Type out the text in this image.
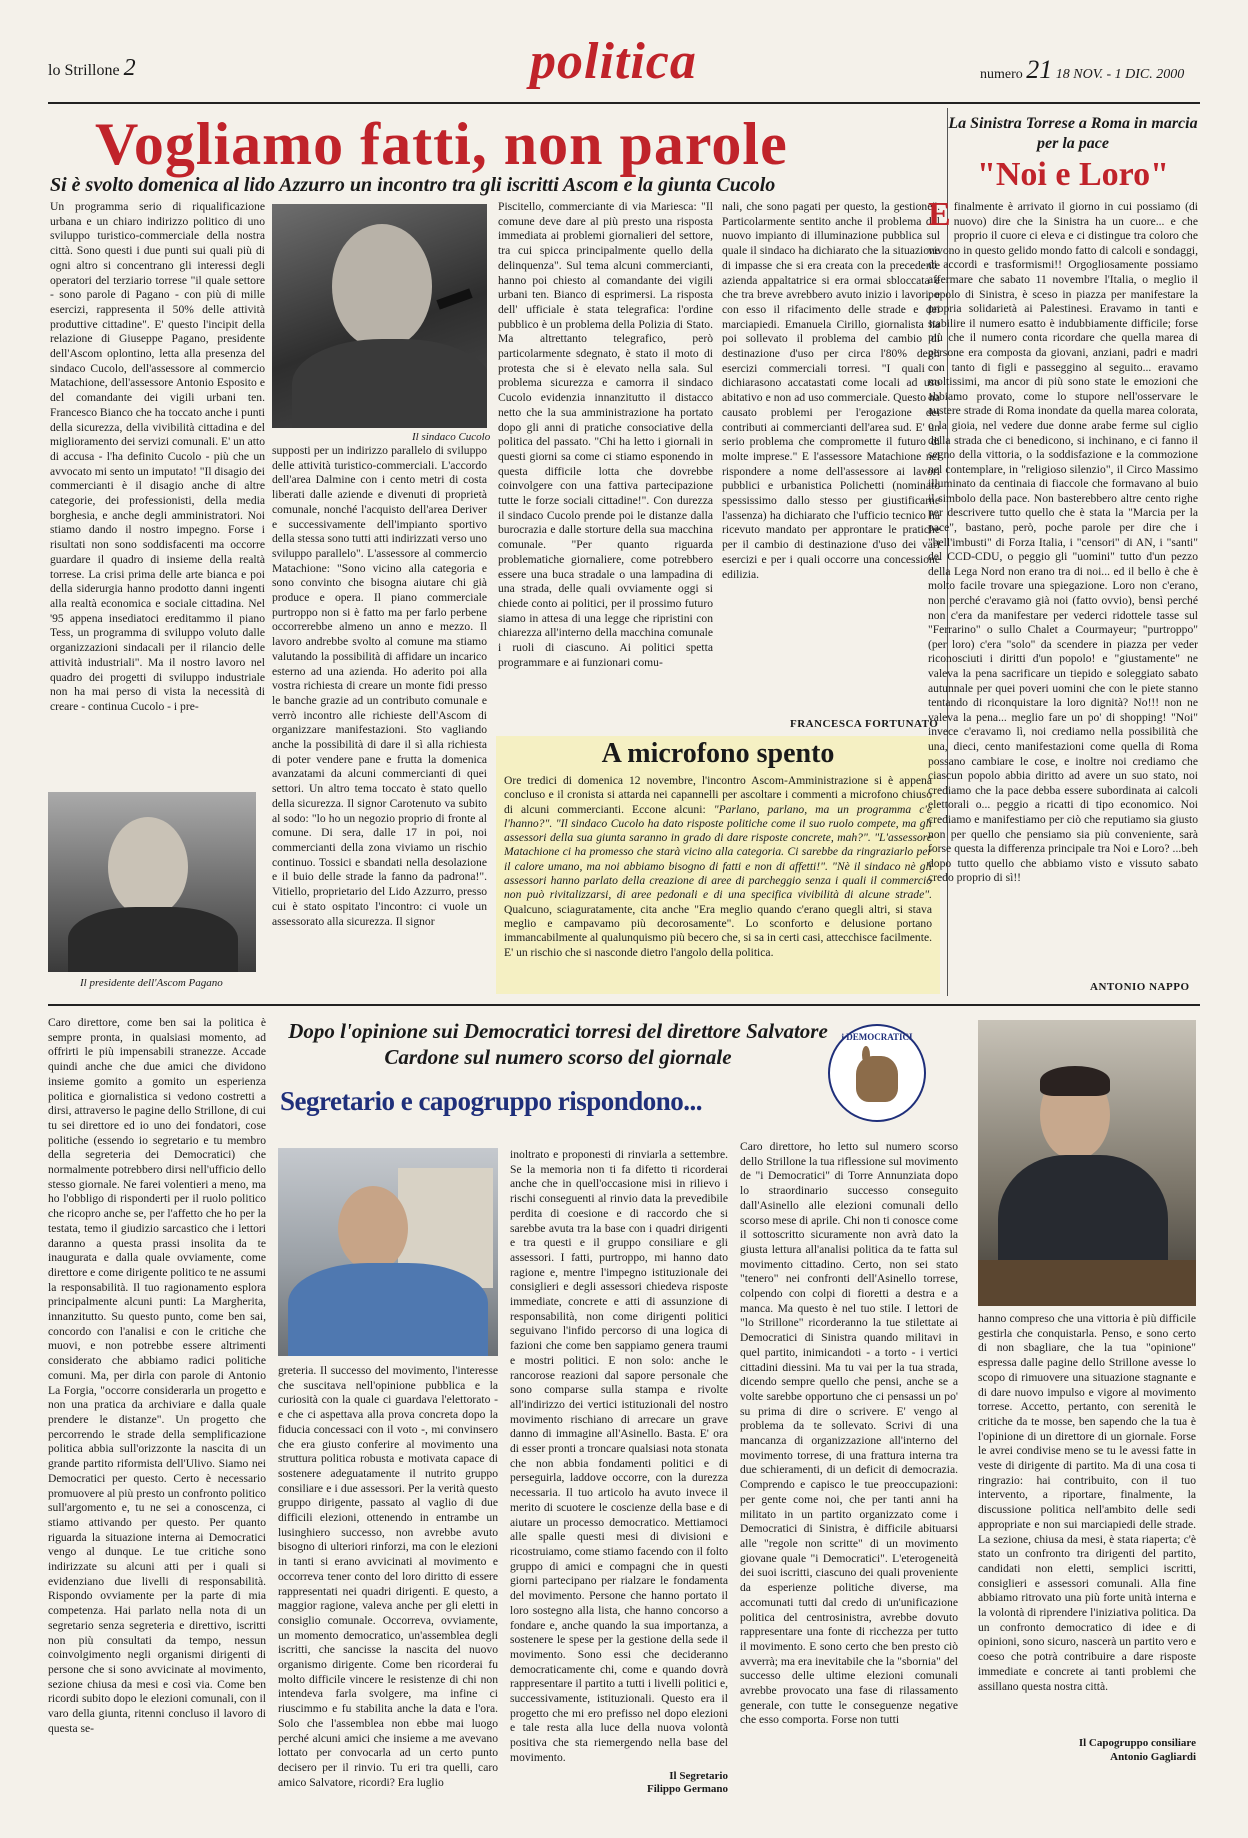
lo Strillone 2	politica	numero 21 18 NOV. - 1 DIC. 2000
Vogliamo fatti, non parole
Si è svolto domenica al lido Azzurro un incontro tra gli iscritti Ascom e la giunta Cucolo
Un programma serio di riqualificazione urbana e un chiaro indirizzo politico di uno sviluppo turistico-commerciale della nostra città. Sono questi i due punti sui quali più di ogni altro si concentrano gli interessi degli operatori del terziario torrese "il quale settore - sono parole di Pagano - con più di mille esercizi, rappresenta il 50% delle attività produttive cittadine". E' questo l'incipit della relazione di Giuseppe Pagano, presidente dell'Ascom oplontino, letta alla presenza del sindaco Cucolo, dell'assessore al commercio Matachione, dell'assessore Antonio Esposito e del comandante dei vigili urbani ten. Francesco Bianco che ha toccato anche i punti della sicurezza, della vivibilità cittadina e del miglioramento dei servizi comunali. E' un atto di accusa - l'ha definito Cucolo - più che un avvocato mi sento un imputato! "Il disagio dei commercianti è il disagio anche di altre categorie, dei professionisti, della media borghesia, e anche degli amministratori. Noi stiamo dando il nostro impegno. Forse i risultati non sono soddisfacenti ma occorre guardare il quadro di insieme della realtà torrese. La crisi prima delle arte bianca e poi della siderurgia hanno prodotto danni ingenti alla realtà economica e sociale cittadina. Nel '95 appena insediatoci ereditammo il piano Tess, un programma di sviluppo voluto dalle organizzazioni sindacali per il rilancio delle attività industriali". Ma il nostro lavoro nel quadro dei progetti di sviluppo industriale non ha mai perso di vista la necessità di creare - continua Cucolo - i pre-
Il sindaco Cucolo
Il presidente dell'Ascom Pagano
supposti per un indirizzo parallelo di sviluppo delle attività turistico-commerciali. L'accordo dell'area Dalmine con i cento metri di costa liberati dalle aziende e divenuti di proprietà comunale, nonché l'acquisto dell'area Deriver e successivamente dell'impianto sportivo della stessa sono tutti atti indirizzati verso uno sviluppo parallelo". L'assessore al commercio Matachione: "Sono vicino alla categoria e sono convinto che bisogna aiutare chi già produce e opera. Il piano commerciale purtroppo non si è fatto ma per farlo perbene occorrerebbe almeno un anno e mezzo. Il lavoro andrebbe svolto al comune ma stiamo valutando la possibilità di affidare un incarico esterno ad una azienda. Ho aderito poi alla vostra richiesta di creare un monte fidi presso le banche grazie ad un contributo comunale e verrò incontro alle richieste dell'Ascom di organizzare manifestazioni. Sto vagliando anche la possibilità di dare il sì alla richiesta di poter vendere pane e frutta la domenica avanzatami da alcuni commercianti di quei settori. Un altro tema toccato è stato quello della sicurezza. Il signor Carotenuto va subito al sodo: "lo ho un negozio proprio di fronte al comune. Di sera, dalle 17 in poi, noi commercianti della zona viviamo un rischio continuo. Tossici e sbandati nella desolazione e il buio delle strade la fanno da padrona!". Vitiello, proprietario del Lido Azzurro, presso cui è stato ospitato l'incontro: ci vuole un assessorato alla sicurezza. Il signor
Piscitello, commerciante di via Mariesca: "Il comune deve dare al più presto una risposta immediata ai problemi giornalieri del settore, tra cui spicca principalmente quello della delinquenza". Sul tema alcuni commercianti, hanno poi chiesto al comandante dei vigili urbani ten. Bianco di esprimersi. La risposta dell' ufficiale è stata telegrafica: l'ordine pubblico è un problema della Polizia di Stato. Ma altrettanto telegrafico, però particolarmente sdegnato, è stato il moto di protesta che si è elevato nella sala. Sul problema sicurezza e camorra il sindaco Cucolo evidenzia innanzitutto il distacco netto che la sua amministrazione ha portato dopo gli anni di pratiche consociative della politica del passato. "Chi ha letto i giornali in questi giorni sa come ci stiamo esponendo in questa difficile lotta che dovrebbe coinvolgere con una fattiva partecipazione tutte le forze sociali cittadine!". Con durezza il sindaco Cucolo prende poi le distanze dalla burocrazia e dalle storture della sua macchina comunale. "Per quanto riguarda problematiche giornaliere, come potrebbero essere una buca stradale o una lampadina di una strada, delle quali ovviamente oggi si chiede conto ai politici, per il prossimo futuro siamo in attesa di una legge che ripristini con chiarezza all'interno della macchina comunale i ruoli di ciascuno. Ai politici spetta programmare e ai funzionari comu-
nali, che sono pagati per questo, la gestione". Particolarmente sentito anche il problema del nuovo impianto di illuminazione pubblica sul quale il sindaco ha dichiarato che la situazione di impasse che si era creata con la precedente azienda appaltatrice si era ormai sbloccata e che tra breve avrebbero avuto inizio i lavori, e con esso il rifacimento delle strade e dei marciapiedi. Emanuela Cirillo, giornalista ha poi sollevato il problema del cambio di destinazione d'uso per circa l'80% degli esercizi commerciali torresi. "I quali - dichiarasono accatastati come locali ad uso abitativo e non ad uso commerciale. Questo ha causato problemi per l'erogazione dei contributi ai commercianti dell'area sud. E' un serio problema che compromette il futuro di molte imprese." E l'assessore Matachione nel rispondere a nome dell'assessore ai lavori pubblici e urbanistica Polichetti (nominato spessissimo dallo stesso per giustificarne l'assenza) ha dichiarato che l'ufficio tecnico ha ricevuto mandato per approntare le pratiche per il cambio di destinazione d'uso dei vari esercizi e per i quali occorre una concessione edilizia.
FRANCESCA FORTUNATO
A microfono spento
Ore tredici di domenica 12 novembre, l'incontro Ascom-Amministrazione si è appena concluso e il cronista si attarda nei capannelli per ascoltare i commenti a microfono chiuso di alcuni commercianti. Eccone alcuni: "Parlano, parlano, ma un programma c'e l'hanno?". "Il sindaco Cucolo ha dato risposte politiche come il suo ruolo compete, ma gli assessori della sua giunta saranno in grado di dare risposte concrete, mah?". "L'assessore Matachione ci ha promesso che starà vicino alla categoria. Ci sarebbe da ringraziarlo per il calore umano, ma noi abbiamo bisogno di fatti e non di affetti!". "Nè il sindaco nè gli assessori hanno parlato della creazione di aree di parcheggio senza i quali il commercio non può rivitalizzarsi, di aree pedonali e di una specifica vivibilità di alcune strade". Qualcuno, sciaguratamente, cita anche "Era meglio quando c'erano quegli altri, si stava meglio e campavamo più decorosamente". Lo sconforto e delusione portano immancabilmente al qualunquismo più becero che, si sa in certi casi, attecchisce facilmente. E' un rischio che si nasconde dietro l'angolo della politica.
La Sinistra Torrese a Roma in marcia per la pace
"Noi e Loro"
E finalmente è arrivato il giorno in cui possiamo (di nuovo) dire che la Sinistra ha un cuore... e che proprio il cuore ci eleva e ci distingue tra coloro che vivono in questo gelido mondo fatto di calcoli e sondaggi, di accordi e trasformismi!! Orgogliosamente possiamo affermare che sabato 11 novembre l'Italia, o meglio il popolo di Sinistra, è sceso in piazza per manifestare la propria solidarietà ai Palestinesi. Eravamo in tanti e stabilire il numero esatto è indubbiamente difficile; forse più che il numero conta ricordare che quella marea di persone era composta da giovani, anziani, padri e madri con tanto di figli e passeggino al seguito... eravamo moltissimi, ma ancor di più sono state le emozioni che abbiamo provato, come lo stupore nell'osservare le austere strade di Roma inondate da quella marea colorata, o la gioia, nel vedere due donne arabe ferme sul ciglio della strada che ci benedicono, si inchinano, e ci fanno il segno della vittoria, o la soddisfazione e la commozione nel contemplare, in "religioso silenzio", il Circo Massimo illuminato da centinaia di fiaccole che formavano al buio il simbolo della pace. Non basterebbero altre cento righe per descrivere tutto quello che è stata la "Marcia per la pace", bastano, però, poche parole per dire che i "bell'imbusti" di Forza Italia, i "censori" di AN, i "santi" del CCD-CDU, o peggio gli "uomini" tutto d'un pezzo della Lega Nord non erano tra di noi... ed il bello è che è molto facile trovare una spiegazione. Loro non c'erano, non perché c'eravamo già noi (fatto ovvio), bensì perché non c'era da manifestare per vederci ridottele tasse sul "Ferrarino" o sullo Chalet a Courmayeur; "purtroppo" (per loro) c'era "solo" da scendere in piazza per veder riconosciuti i diritti d'un popolo! e "giustamente" ne valeva la pena sacrificare un tiepido e soleggiato sabato autunnale per quei poveri uomini che con le piete stanno tentando di riconquistare la loro dignità? No!!! non ne valeva la pena... meglio fare un po' di shopping! "Noi" invece c'eravamo lì, noi crediamo nella possibilità che una, dieci, cento manifestazioni come quella di Roma possano cambiare le cose, e inoltre noi crediamo che ciascun popolo abbia diritto ad avere un suo stato, noi crediamo che la pace debba essere subordinata ai calcoli elettorali o... peggio a ricatti di tipo economico. Noi crediamo e manifestiamo per ciò che reputiamo sia giusto non per quello che pensiamo sia più conveniente, sarà forse questa la differenza principale tra Noi e Loro? ...beh dopo tutto quello che abbiamo visto e vissuto sabato credo proprio di sì!!
ANTONIO NAPPO
Caro direttore, come ben sai la politica è sempre pronta, in qualsiasi momento, ad offrirti le più impensabili stranezze. Accade quindi anche che due amici che dividono insieme gomito a gomito un esperienza politica e giornalistica si vedono costretti a dirsi, attraverso le pagine dello Strillone, di cui tu sei direttore ed io uno dei fondatori, cose politiche (essendo io segretario e tu membro della segreteria dei Democratici) che normalmente potrebbero dirsi nell'ufficio dello stesso giornale. Ne farei volentieri a meno, ma ho l'obbligo di risponderti per il ruolo politico che ricopro anche se, per l'affetto che ho per la testata, temo il giudizio sarcastico che i lettori daranno a questa prassi insolita da te inaugurata e dalla quale ovviamente, come direttore e come dirigente politico te ne assumi la responsabilità. Il tuo ragionamento esplora principalmente alcuni punti: La Margherita, innanzitutto. Su questo punto, come ben sai, concordo con l'analisi e con le critiche che muovi, e non potrebbe essere altrimenti considerato che abbiamo radici politiche comuni. Ma, per dirla con parole di Antonio La Forgia, "occorre considerarla un progetto e non una pratica da archiviare e dalla quale prendere le distanze". Un progetto che percorrendo le strade della semplificazione politica abbia sull'orizzonte la nascita di un grande partito riformista dell'Ulivo. Siamo nei Democratici per questo. Certo è necessario promuovere al più presto un confronto politico sull'argomento e, tu ne sei a conoscenza, ci stiamo attivando per questo. Per quanto riguarda la situazione interna ai Democratici vengo al dunque. Le tue critiche sono indirizzate su alcuni atti per i quali si evidenziano due livelli di responsabilità. Rispondo ovviamente per la parte di mia competenza. Hai parlato nella nota di un segretario senza segreteria e direttivo, iscritti non più consultati da tempo, nessun coinvolgimento negli organismi dirigenti di persone che si sono avvicinate al movimento, sezione chiusa da mesi e così via. Come ben ricordi subito dopo le elezioni comunali, con il varo della giunta, ritenni concluso il lavoro di questa se-
Dopo l'opinione sui Democratici torresi del direttore Salvatore Cardone sul numero scorso del giornale
Segretario e capogruppo rispondono...
i DEMOCRATICI
greteria. Il successo del movimento, l'interesse che suscitava nell'opinione pubblica e la curiosità con la quale ci guardava l'elettorato - e che ci aspettava alla prova concreta dopo la fiducia concessaci con il voto -, mi convinsero che era giusto conferire al movimento una struttura politica robusta e motivata capace di sostenere adeguatamente il nutrito gruppo consiliare e i due assessori. Per la verità questo gruppo dirigente, passato al vaglio di due difficili elezioni, ottenendo in entrambe un lusinghiero successo, non avrebbe avuto bisogno di ulteriori rinforzi, ma con le elezioni in tanti si erano avvicinati al movimento e occorreva tener conto del loro diritto di essere rappresentati nei quadri dirigenti. E questo, a maggior ragione, valeva anche per gli eletti in consiglio comunale. Occorreva, ovviamente, un momento democratico, un'assemblea degli iscritti, che sancisse la nascita del nuovo organismo dirigente. Come ben ricorderai fu molto difficile vincere le resistenze di chi non intendeva farla svolgere, ma infine ci riuscimmo e fu stabilita anche la data e l'ora. Solo che l'assemblea non ebbe mai luogo perché alcuni amici che insieme a me avevano lottato per convocarla ad un certo punto decisero per il rinvio. Tu eri tra quelli, caro amico Salvatore, ricordi? Era luglio
inoltrato e proponesti di rinviarla a settembre. Se la memoria non ti fa difetto ti ricorderai anche che in quell'occasione misi in rilievo i rischi conseguenti al rinvio data la prevedibile perdita di coesione e di raccordo che si sarebbe avuta tra la base con i quadri dirigenti e tra questi e il gruppo consiliare e gli assessori. I fatti, purtroppo, mi hanno dato ragione e, mentre l'impegno istituzionale dei consiglieri e degli assessori chiedeva risposte immediate, concrete e atti di assunzione di responsabilità, non come dirigenti politici seguivano l'infido percorso di una logica di fazioni che come ben sappiamo genera traumi e mostri politici. E non solo: anche le rancorose reazioni dal sapore personale che sono comparse sulla stampa e rivolte all'indirizzo dei vertici istituzionali del nostro movimento rischiano di arrecare un grave danno di immagine all'Asinello. Basta. E' ora di esser pronti a troncare qualsiasi nota stonata che non abbia fondamenti politici e di perseguirla, laddove occorre, con la durezza necessaria. Il tuo articolo ha avuto invece il merito di scuotere le coscienze della base e di aiutare un processo democratico. Mettiamoci alle spalle questi mesi di divisioni e ricostruiamo, come stiamo facendo con il folto gruppo di amici e compagni che in questi giorni partecipano per rialzare le fondamenta del movimento. Persone che hanno portato il loro sostegno alla lista, che hanno concorso a fondare e, anche quando la sua importanza, a sostenere le spese per la gestione della sede il movimento. Sono essi che decideranno democraticamente chi, come e quando dovrà rappresentare il partito a tutti i livelli politici e, successivamente, istituzionali. Questo era il progetto che mi ero prefisso nel dopo elezioni e tale resta alla luce della nuova volontà positiva che sta riemergendo nella base del movimento.
Il Segretario
Filippo Germano
Caro direttore, ho letto sul numero scorso dello Strillone la tua riflessione sul movimento de "i Democratici" di Torre Annunziata dopo lo straordinario successo conseguito dall'Asinello alle elezioni comunali dello scorso mese di aprile. Chi non ti conosce come il sottoscritto sicuramente non avrà dato la giusta lettura all'analisi politica da te fatta sul movimento cittadino. Certo, non sei stato "tenero" nei confronti dell'Asinello torrese, colpendo con colpi di fioretti a destra e a manca. Ma questo è nel tuo stile. I lettori de "lo Strillone" ricorderanno la tue stilettate ai Democratici di Sinistra quando militavi in quel partito, inimicandoti - a torto - i vertici cittadini diessini. Ma tu vai per la tua strada, dicendo sempre quello che pensi, anche se a volte sarebbe opportuno che ci pensassi un po' su prima di dire o scrivere. E' vengo al problema da te sollevato. Scrivi di una mancanza di organizzazione all'interno del movimento torrese, di una frattura interna tra due schieramenti, di un deficit di democrazia. Comprendo e capisco le tue preoccupazioni: per gente come noi, che per tanti anni ha militato in un partito organizzato come i Democratici di Sinistra, è difficile abituarsi alle "regole non scritte" di un movimento giovane quale "i Democratici". L'eterogeneità dei suoi iscritti, ciascuno dei quali proveniente da esperienze politiche diverse, ma accomunati tutti dal credo di un'unificazione politica del centrosinistra, avrebbe dovuto rappresentare una fonte di ricchezza per tutto il movimento. E sono certo che ben presto ciò avverrà; ma era inevitabile che la "sbornia" del successo delle ultime elezioni comunali avrebbe provocato una fase di rilassamento generale, con tutte le conseguenze negative che esso comporta. Forse non tutti
hanno compreso che una vittoria è più difficile gestirla che conquistarla. Penso, e sono certo di non sbagliare, che la tua "opinione" espressa dalle pagine dello Strillone avesse lo scopo di rimuovere una situazione stagnante e di dare nuovo impulso e vigore al movimento torrese. Accetto, pertanto, con serenità le critiche da te mosse, ben sapendo che la tua è l'opinione di un direttore di un giornale. Forse le avrei condivise meno se tu le avessi fatte in veste di dirigente di partito. Ma di una cosa ti ringrazio: hai contribuito, con il tuo intervento, a riportare, finalmente, la discussione politica nell'ambito delle sedi appropriate e non sui marciapiedi delle strade. La sezione, chiusa da mesi, è stata riaperta; c'è stato un confronto tra dirigenti del partito, candidati non eletti, semplici iscritti, consiglieri e assessori comunali. Alla fine abbiamo ritrovato una più forte unità interna e la volontà di riprendere l'iniziativa politica. Da un confronto democratico di idee e di opinioni, sono sicuro, nascerà un partito vero e coeso che potrà contribuire a dare risposte immediate e concrete ai tanti problemi che assillano questa nostra città.
Il Capogruppo consiliare
Antonio Gagliardi
